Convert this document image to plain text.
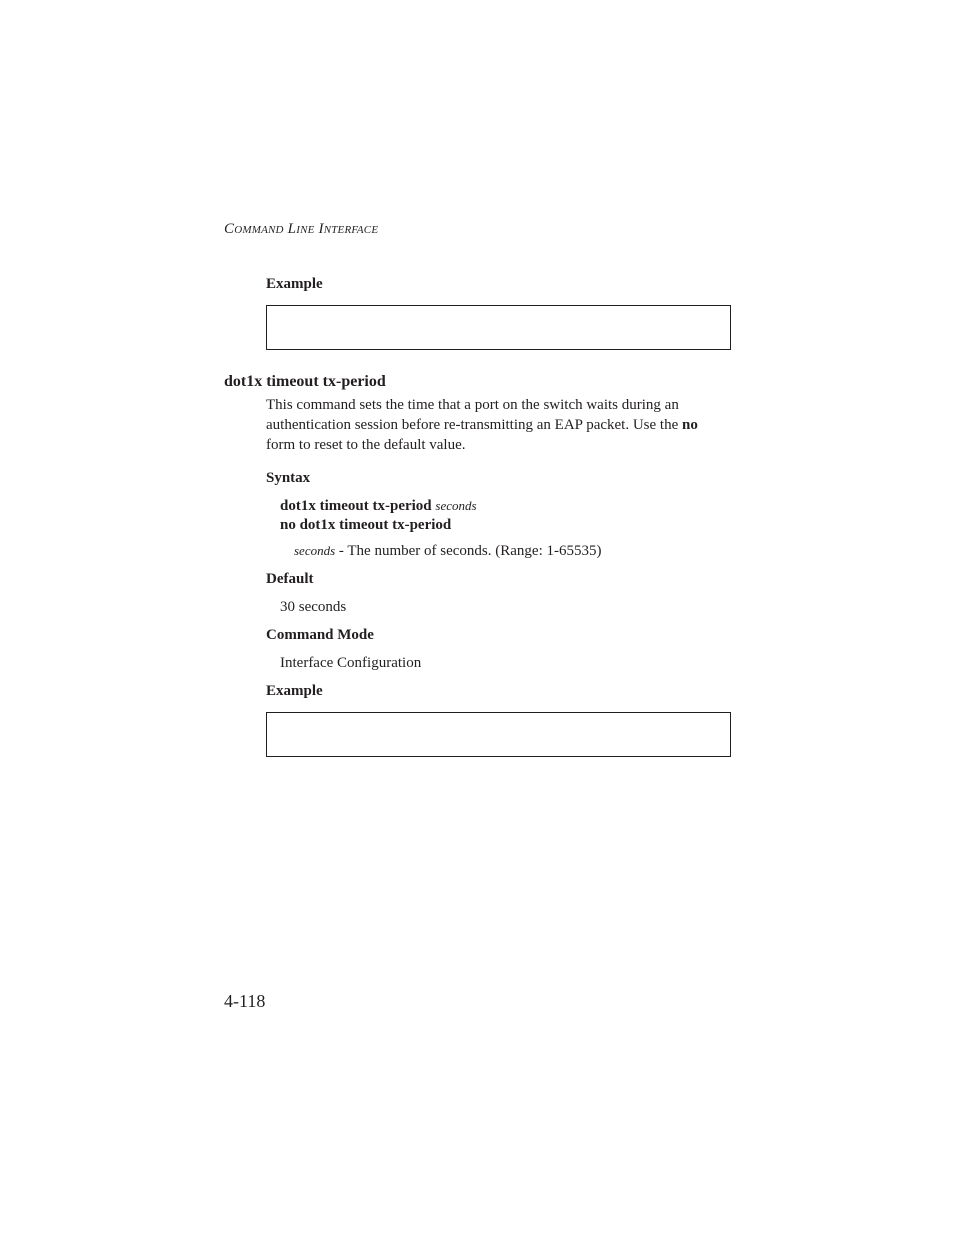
COMMAND LINE INTERFACE
Example
dot1x timeout tx-period
This command sets the time that a port on the switch waits during an authentication session before re-transmitting an EAP packet. Use the no form to reset to the default value.
Syntax
dot1x timeout tx-period seconds
no dot1x timeout tx-period
seconds - The number of seconds. (Range: 1-65535)
Default
30 seconds
Command Mode
Interface Configuration
Example
4-118
